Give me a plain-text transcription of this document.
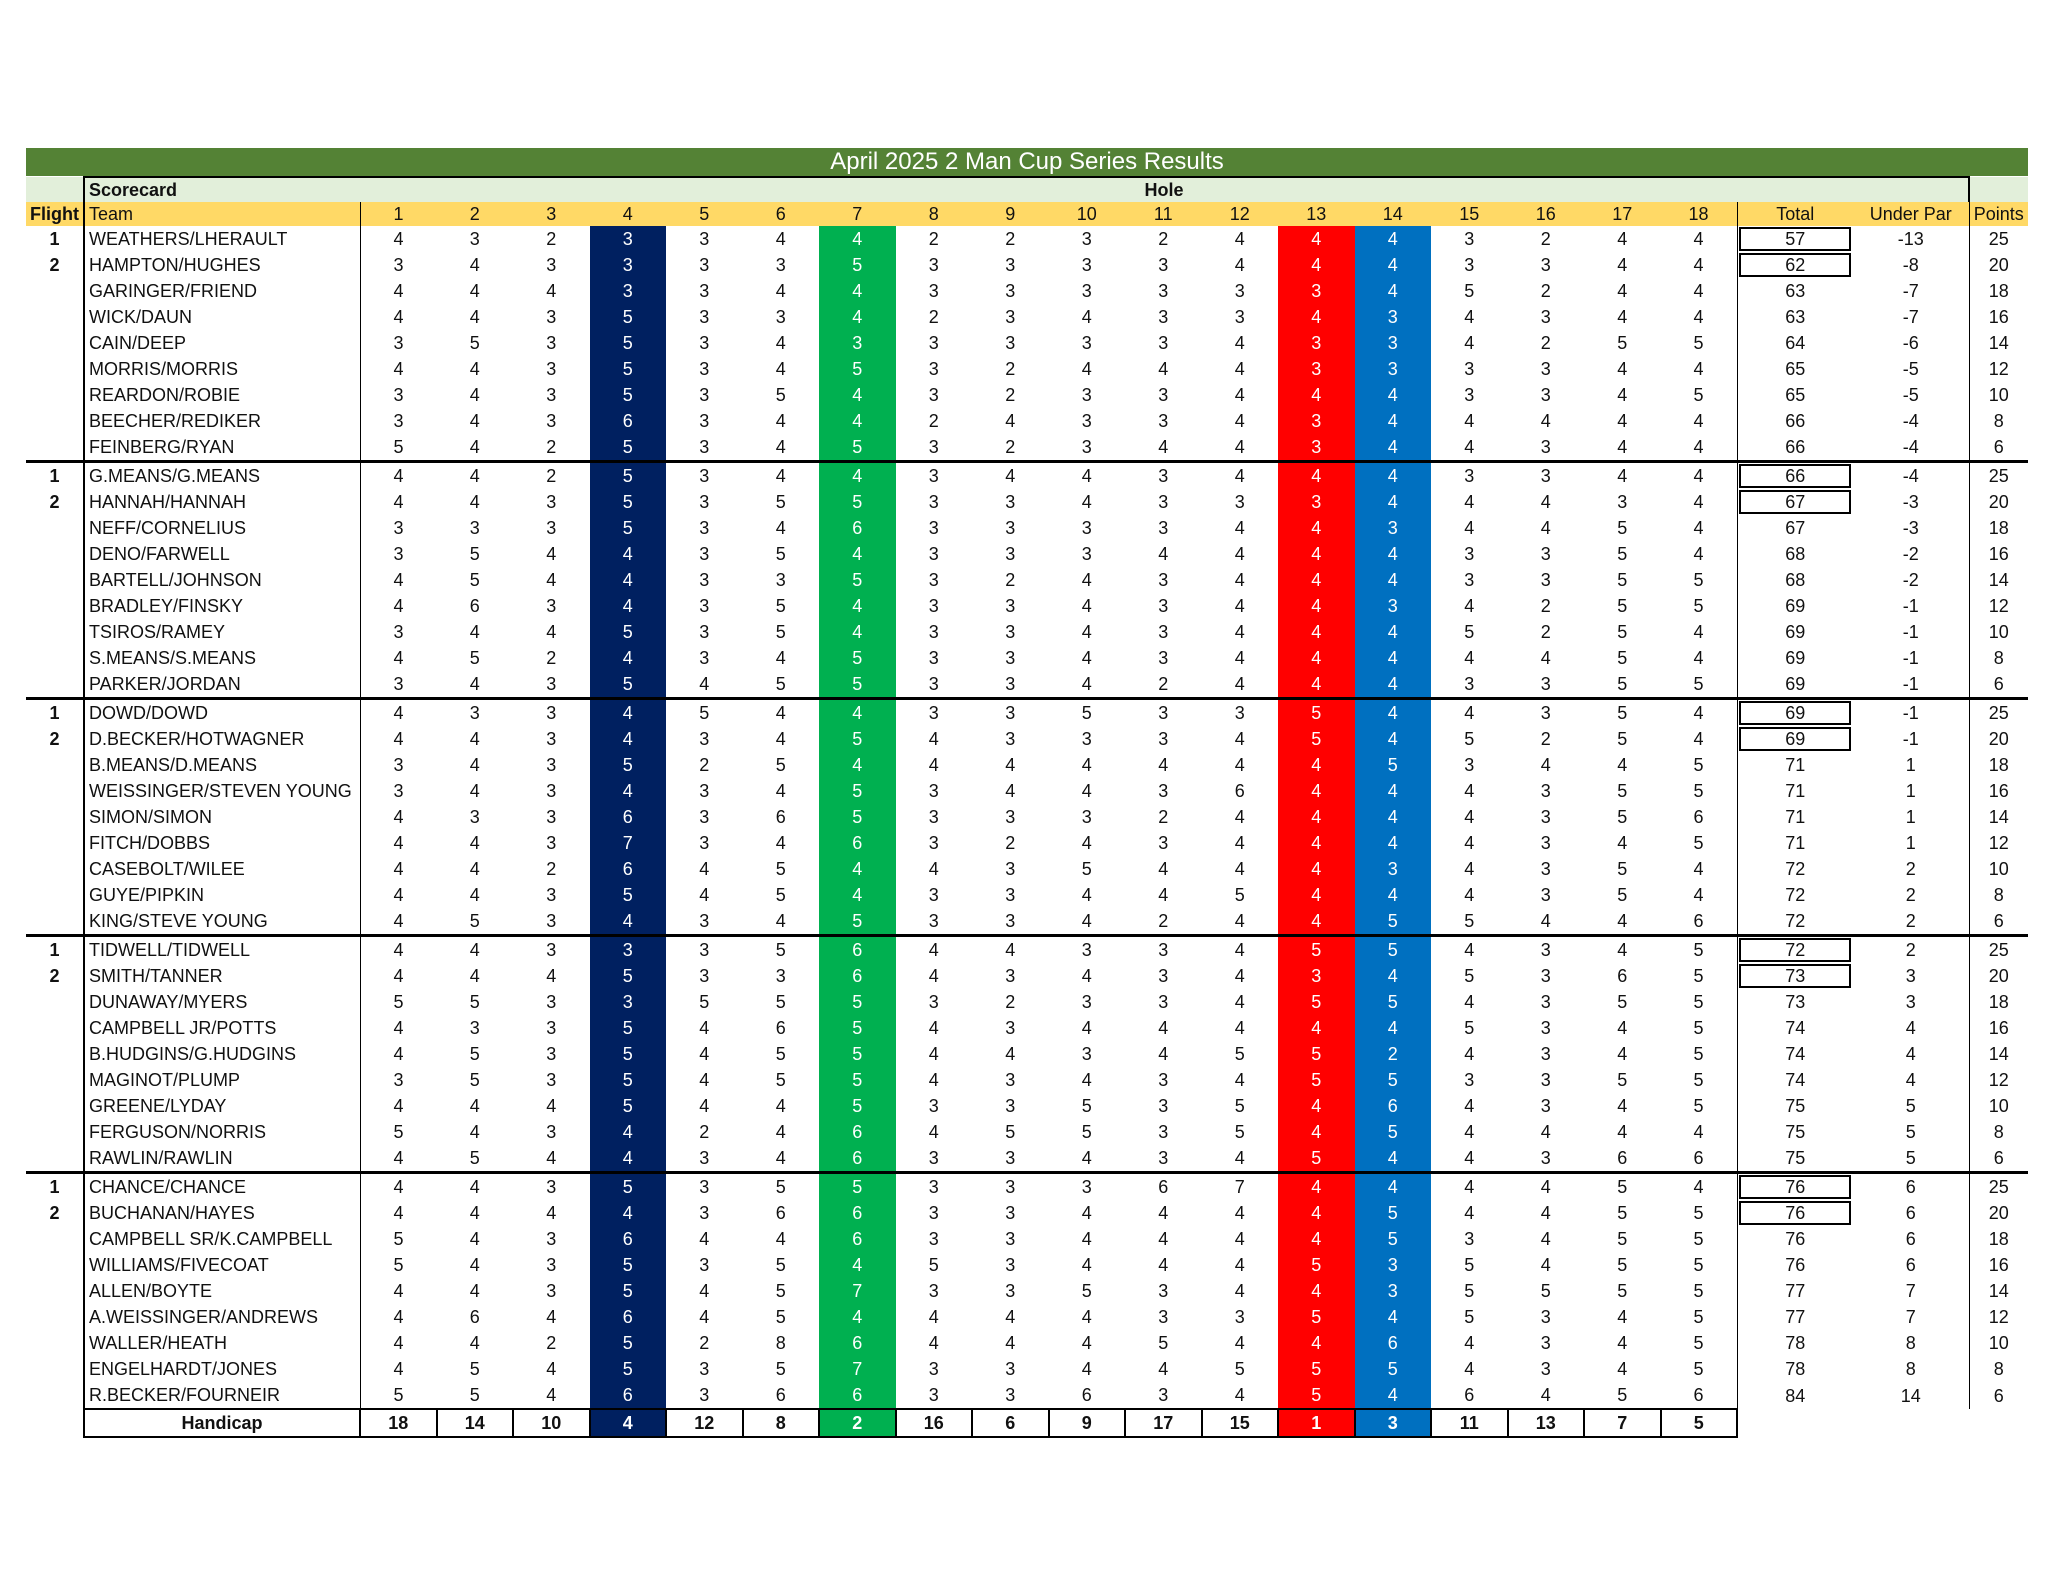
April 2025 2 Man Cup Series Results
	Scorecard	Hole																				
Flight	Team	1	2	3	4	5	6	7	8	9	10	11	12	13	14	15	16	17	18	Total	Under Par	Points
1	WEATHERS/LHERAULT	4	3	2	3	3	4	4	2	2	3	2	4	4	4	3	2	4	4	57	-13	25
2	HAMPTON/HUGHES	3	4	3	3	3	3	5	3	3	3	3	4	4	4	3	3	4	4	62	-8	20
	GARINGER/FRIEND	4	4	4	3	3	4	4	3	3	3	3	3	3	4	5	2	4	4	63	-7	18
	WICK/DAUN	4	4	3	5	3	3	4	2	3	4	3	3	4	3	4	3	4	4	63	-7	16
	CAIN/DEEP	3	5	3	5	3	4	3	3	3	3	3	4	3	3	4	2	5	5	64	-6	14
	MORRIS/MORRIS	4	4	3	5	3	4	5	3	2	4	4	4	3	3	3	3	4	4	65	-5	12
	REARDON/ROBIE	3	4	3	5	3	5	4	3	2	3	3	4	4	4	3	3	4	5	65	-5	10
	BEECHER/REDIKER	3	4	3	6	3	4	4	2	4	3	3	4	3	4	4	4	4	4	66	-4	8
	FEINBERG/RYAN	5	4	2	5	3	4	5	3	2	3	4	4	3	4	4	3	4	4	66	-4	6
1	G.MEANS/G.MEANS	4	4	2	5	3	4	4	3	4	4	3	4	4	4	3	3	4	4	66	-4	25
2	HANNAH/HANNAH	4	4	3	5	3	5	5	3	3	4	3	3	3	4	4	4	3	4	67	-3	20
	NEFF/CORNELIUS	3	3	3	5	3	4	6	3	3	3	3	4	4	3	4	4	5	4	67	-3	18
	DENO/FARWELL	3	5	4	4	3	5	4	3	3	3	4	4	4	4	3	3	5	4	68	-2	16
	BARTELL/JOHNSON	4	5	4	4	3	3	5	3	2	4	3	4	4	4	3	3	5	5	68	-2	14
	BRADLEY/FINSKY	4	6	3	4	3	5	4	3	3	4	3	4	4	3	4	2	5	5	69	-1	12
	TSIROS/RAMEY	3	4	4	5	3	5	4	3	3	4	3	4	4	4	5	2	5	4	69	-1	10
	S.MEANS/S.MEANS	4	5	2	4	3	4	5	3	3	4	3	4	4	4	4	4	5	4	69	-1	8
	PARKER/JORDAN	3	4	3	5	4	5	5	3	3	4	2	4	4	4	3	3	5	5	69	-1	6
1	DOWD/DOWD	4	3	3	4	5	4	4	3	3	5	3	3	5	4	4	3	5	4	69	-1	25
2	D.BECKER/HOTWAGNER	4	4	3	4	3	4	5	4	3	3	3	4	5	4	5	2	5	4	69	-1	20
	B.MEANS/D.MEANS	3	4	3	5	2	5	4	4	4	4	4	4	4	5	3	4	4	5	71	1	18
	WEISSINGER/STEVEN YOUNG	3	4	3	4	3	4	5	3	4	4	3	6	4	4	4	3	5	5	71	1	16
	SIMON/SIMON	4	3	3	6	3	6	5	3	3	3	2	4	4	4	4	3	5	6	71	1	14
	FITCH/DOBBS	4	4	3	7	3	4	6	3	2	4	3	4	4	4	4	3	4	5	71	1	12
	CASEBOLT/WILEE	4	4	2	6	4	5	4	4	3	5	4	4	4	3	4	3	5	4	72	2	10
	GUYE/PIPKIN	4	4	3	5	4	5	4	3	3	4	4	5	4	4	4	3	5	4	72	2	8
	KING/STEVE YOUNG	4	5	3	4	3	4	5	3	3	4	2	4	4	5	5	4	4	6	72	2	6
1	TIDWELL/TIDWELL	4	4	3	3	3	5	6	4	4	3	3	4	5	5	4	3	4	5	72	2	25
2	SMITH/TANNER	4	4	4	5	3	3	6	4	3	4	3	4	3	4	5	3	6	5	73	3	20
	DUNAWAY/MYERS	5	5	3	3	5	5	5	3	2	3	3	4	5	5	4	3	5	5	73	3	18
	CAMPBELL JR/POTTS	4	3	3	5	4	6	5	4	3	4	4	4	4	4	5	3	4	5	74	4	16
	B.HUDGINS/G.HUDGINS	4	5	3	5	4	5	5	4	4	3	4	5	5	2	4	3	4	5	74	4	14
	MAGINOT/PLUMP	3	5	3	5	4	5	5	4	3	4	3	4	5	5	3	3	5	5	74	4	12
	GREENE/LYDAY	4	4	4	5	4	4	5	3	3	5	3	5	4	6	4	3	4	5	75	5	10
	FERGUSON/NORRIS	5	4	3	4	2	4	6	4	5	5	3	5	4	5	4	4	4	4	75	5	8
	RAWLIN/RAWLIN	4	5	4	4	3	4	6	3	3	4	3	4	5	4	4	3	6	6	75	5	6
1	CHANCE/CHANCE	4	4	3	5	3	5	5	3	3	3	6	7	4	4	4	4	5	4	76	6	25
2	BUCHANAN/HAYES	4	4	4	4	3	6	6	3	3	4	4	4	4	5	4	4	5	5	76	6	20
	CAMPBELL SR/K.CAMPBELL	5	4	3	6	4	4	6	3	3	4	4	4	4	5	3	4	5	5	76	6	18
	WILLIAMS/FIVECOAT	5	4	3	5	3	5	4	5	3	4	4	4	5	3	5	4	5	5	76	6	16
	ALLEN/BOYTE	4	4	3	5	4	5	7	3	3	5	3	4	4	3	5	5	5	5	77	7	14
	A.WEISSINGER/ANDREWS	4	6	4	6	4	5	4	4	4	4	3	3	5	4	5	3	4	5	77	7	12
	WALLER/HEATH	4	4	2	5	2	8	6	4	4	4	5	4	4	6	4	3	4	5	78	8	10
	ENGELHARDT/JONES	4	5	4	5	3	5	7	3	3	4	4	5	5	5	4	3	4	5	78	8	8
	R.BECKER/FOURNEIR	5	5	4	6	3	6	6	3	3	6	3	4	5	4	6	4	5	6	84	14	6
	Handicap	18	14	10	4	12	8	2	16	6	9	17	15	1	3	11	13	7	5			
